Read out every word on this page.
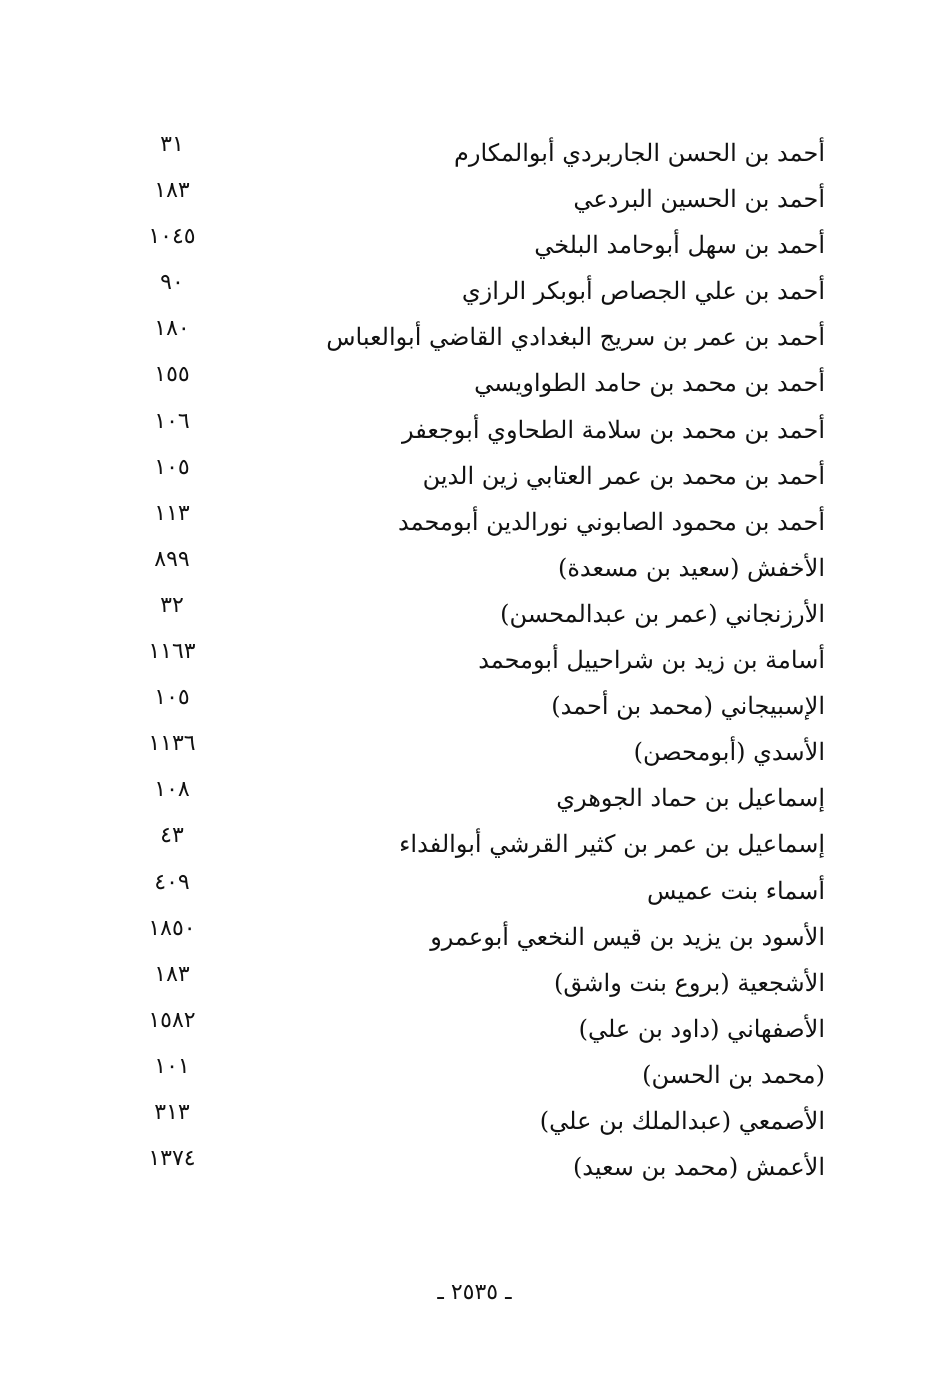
أحمد بن الحسن الجاربردي أبوالمكارم
٣١
أحمد بن الحسين البردعي
١٨٣
أحمد بن سهل أبوحامد البلخي
١٠٤٥
أحمد بن علي الجصاص أبوبكر الرازي
٩٠
أحمد بن عمر بن سريج البغدادي القاضي أبوالعباس
١٨٠
أحمد بن محمد بن حامد الطواويسي
١٥٥
أحمد بن محمد بن سلامة الطحاوي أبوجعفر
١٠٦
أحمد بن محمد بن عمر العتابي زين الدين
١٠٥
أحمد بن محمود الصابوني نورالدين أبومحمد
١١٣
الأخفش (سعيد بن مسعدة)
٨٩٩
الأرزنجاني (عمر بن عبدالمحسن)
٣٢
أسامة بن زيد بن شراحييل أبومحمد
١١٦٣
الإسبيجاني (محمد بن أحمد)
١٠٥
الأسدي (أبومحصن)
١١٣٦
إسماعيل بن حماد الجوهري
١٠٨
إسماعيل بن عمر بن كثير القرشي أبوالفداء
٤٣
أسماء بنت عميس
٤٠٩
الأسود بن يزيد بن قيس النخعي أبوعمرو
١٨٥٠
الأشجعية (بروع بنت واشق)
١٨٣
الأصفهاني (داود بن علي)
١٥٨٢
(محمد بن الحسن)
١٠١
الأصمعي (عبدالملك بن علي)
٣١٣
الأعمش (محمد بن سعيد)
١٣٧٤
ـ ٢٥٣٥ ـ
